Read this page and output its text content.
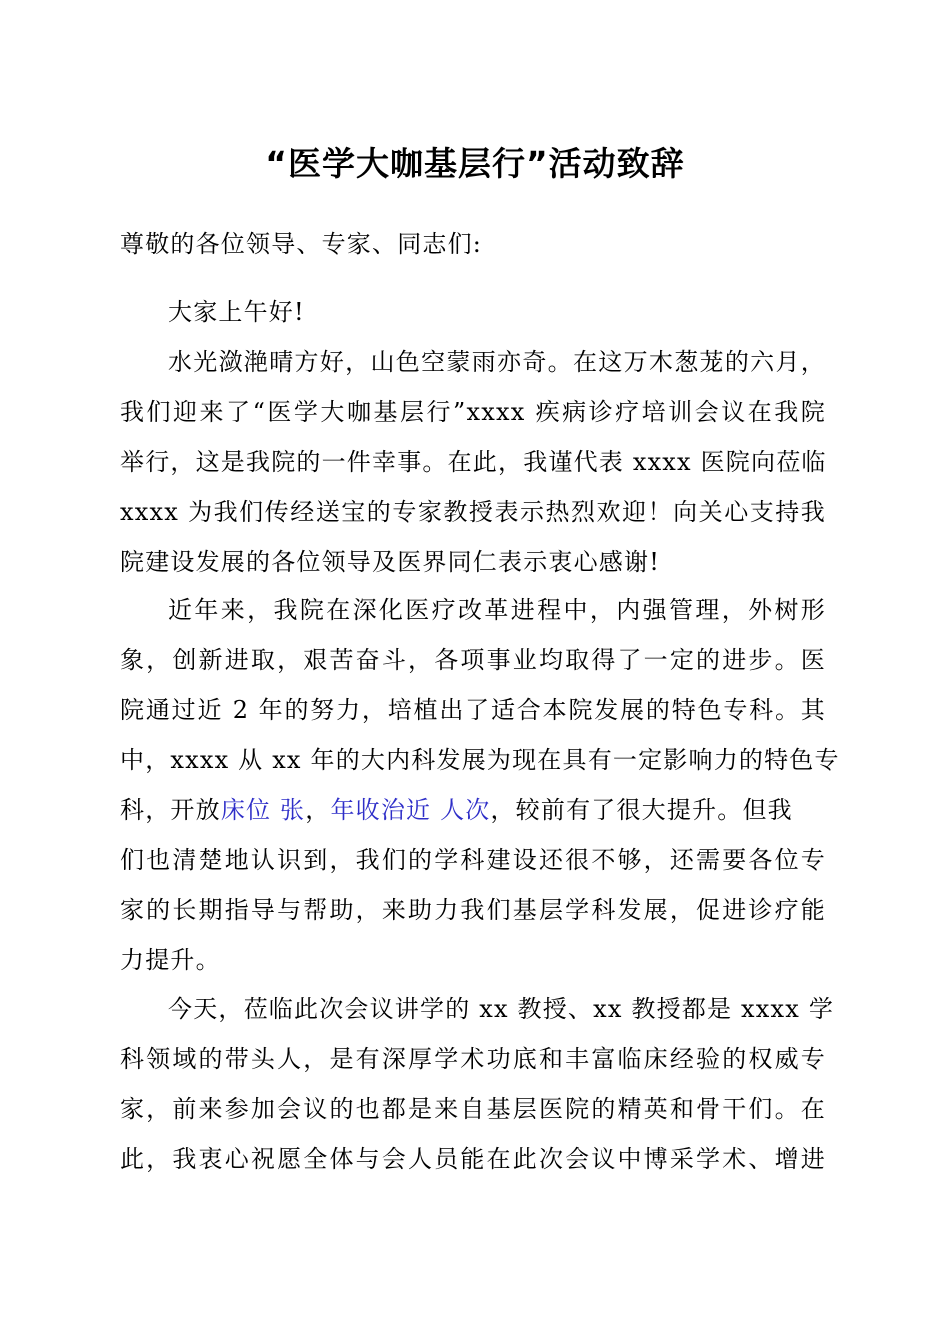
“医学大咖基层行”活动致辞
尊敬的各位领导、专家、同志们:
大家上午好!
水光潋滟晴方好，山色空蒙雨亦奇。在这万木葱茏的六月，
我们迎来了“医学大咖基层行”xxxx 疾病诊疗培训会议在我院
举行，这是我院的一件幸事。在此，我谨代表 xxxx 医院向莅临
xxxx 为我们传经送宝的专家教授表示热烈欢迎！向关心支持我
院建设发展的各位领导及医界同仁表示衷心感谢!
近年来，我院在深化医疗改革进程中，内强管理，外树形
象，创新进取，艰苦奋斗，各项事业均取得了一定的进步。医
院通过近 2 年的努力，培植出了适合本院发展的特色专科。其
中，xxxx 从 xx 年的大内科发展为现在具有一定影响力的特色专
科，开放床位 张，年收治近 人次，较前有了很大提升。但我
们也清楚地认识到，我们的学科建设还很不够，还需要各位专
家的长期指导与帮助，来助力我们基层学科发展，促进诊疗能
力提升。
今天，莅临此次会议讲学的 xx 教授、xx 教授都是 xxxx 学
科领域的带头人，是有深厚学术功底和丰富临床经验的权威专
家，前来参加会议的也都是来自基层医院的精英和骨干们。在
此，我衷心祝愿全体与会人员能在此次会议中博采学术、增进
